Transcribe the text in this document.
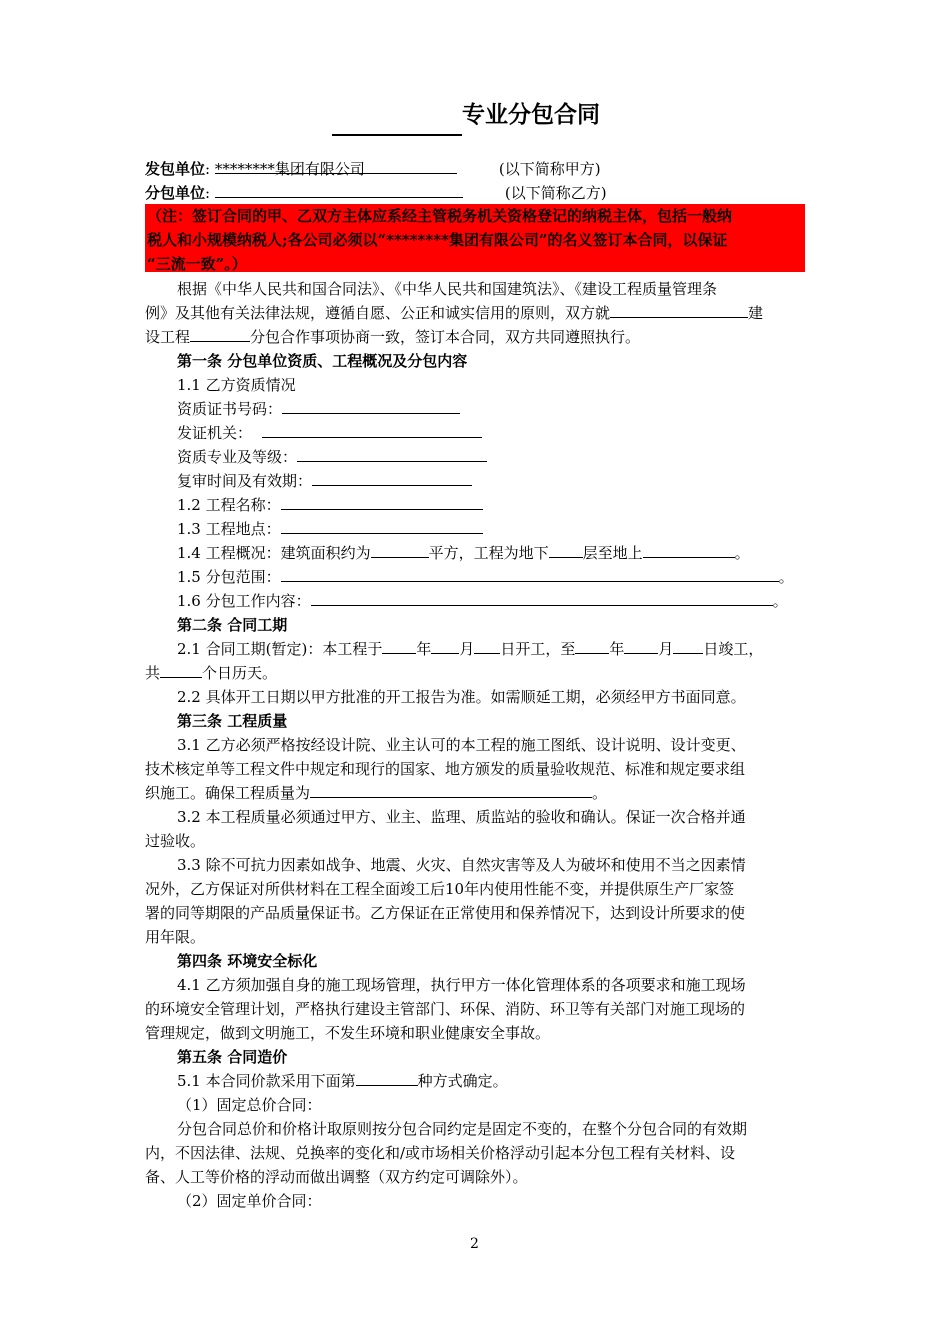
专业分包合同
发包单位: ********集团有限公司	(以下简称甲方)
分包单位:	(以下简称乙方)
（注：签订合同的甲、乙双方主体应系经主管税务机关资格登记的纳税主体，包括一般纳
税人和小规模纳税人;各公司必须以“********集团有限公司”的名义签订本合同，以保证
“三流一致”。）
根据《中华人民共和国合同法》、《中华人民共和国建筑法》、《建设工程质量管理条
例》及其他有关法律法规，遵循自愿、公正和诚实信用的原则，双方就	建
设工程	分包合作事项协商一致，签订本合同，双方共同遵照执行。
第一条 分包单位资质、工程概况及分包内容
1.1 乙方资质情况
资质证书号码：
发证机关：
资质专业及等级：
复审时间及有效期：
1.2 工程名称：
1.3 工程地点：
1.4 工程概况：建筑面积约为	平方，工程为地下 层至地上	。
1.5 分包范围：	。
1.6 分包工作内容：	。
第二条 合同工期
2.1 合同工期(暂定)：本工程于 年 月 日开工，至 年 月 日竣工，
共	个日历天。
2.2 具体开工日期以甲方批准的开工报告为准。如需顺延工期，必须经甲方书面同意。
第三条 工程质量
3.1 乙方必须严格按经设计院、业主认可的本工程的施工图纸、设计说明、设计变更、
技术核定单等工程文件中规定和现行的国家、地方颁发的质量验收规范、标准和规定要求组
织施工。确保工程质量为	。
3.2 本工程质量必须通过甲方、业主、监理、质监站的验收和确认。保证一次合格并通
过验收。
3.3 除不可抗力因素如战争、地震、火灾、自然灾害等及人为破坏和使用不当之因素情
况外，乙方保证对所供材料在工程全面竣工后10年内使用性能不变，并提供原生产厂家签
署的同等期限的产品质量保证书。乙方保证在正常使用和保养情况下，达到设计所要求的使
用年限。
第四条 环境安全标化
4.1 乙方须加强自身的施工现场管理，执行甲方一体化管理体系的各项要求和施工现场
的环境安全管理计划，严格执行建设主管部门、环保、消防、环卫等有关部门对施工现场的
管理规定，做到文明施工，不发生环境和职业健康安全事故。
第五条 合同造价
5.1 本合同价款采用下面第	种方式确定。
（1）固定总价合同：
分包合同总价和价格计取原则按分包合同约定是固定不变的，在整个分包合同的有效期
内，不因法律、法规、兑换率的变化和/或市场相关价格浮动引起本分包工程有关材料、设
备、人工等价格的浮动而做出调整（双方约定可调除外）。
（2）固定单价合同：
2
